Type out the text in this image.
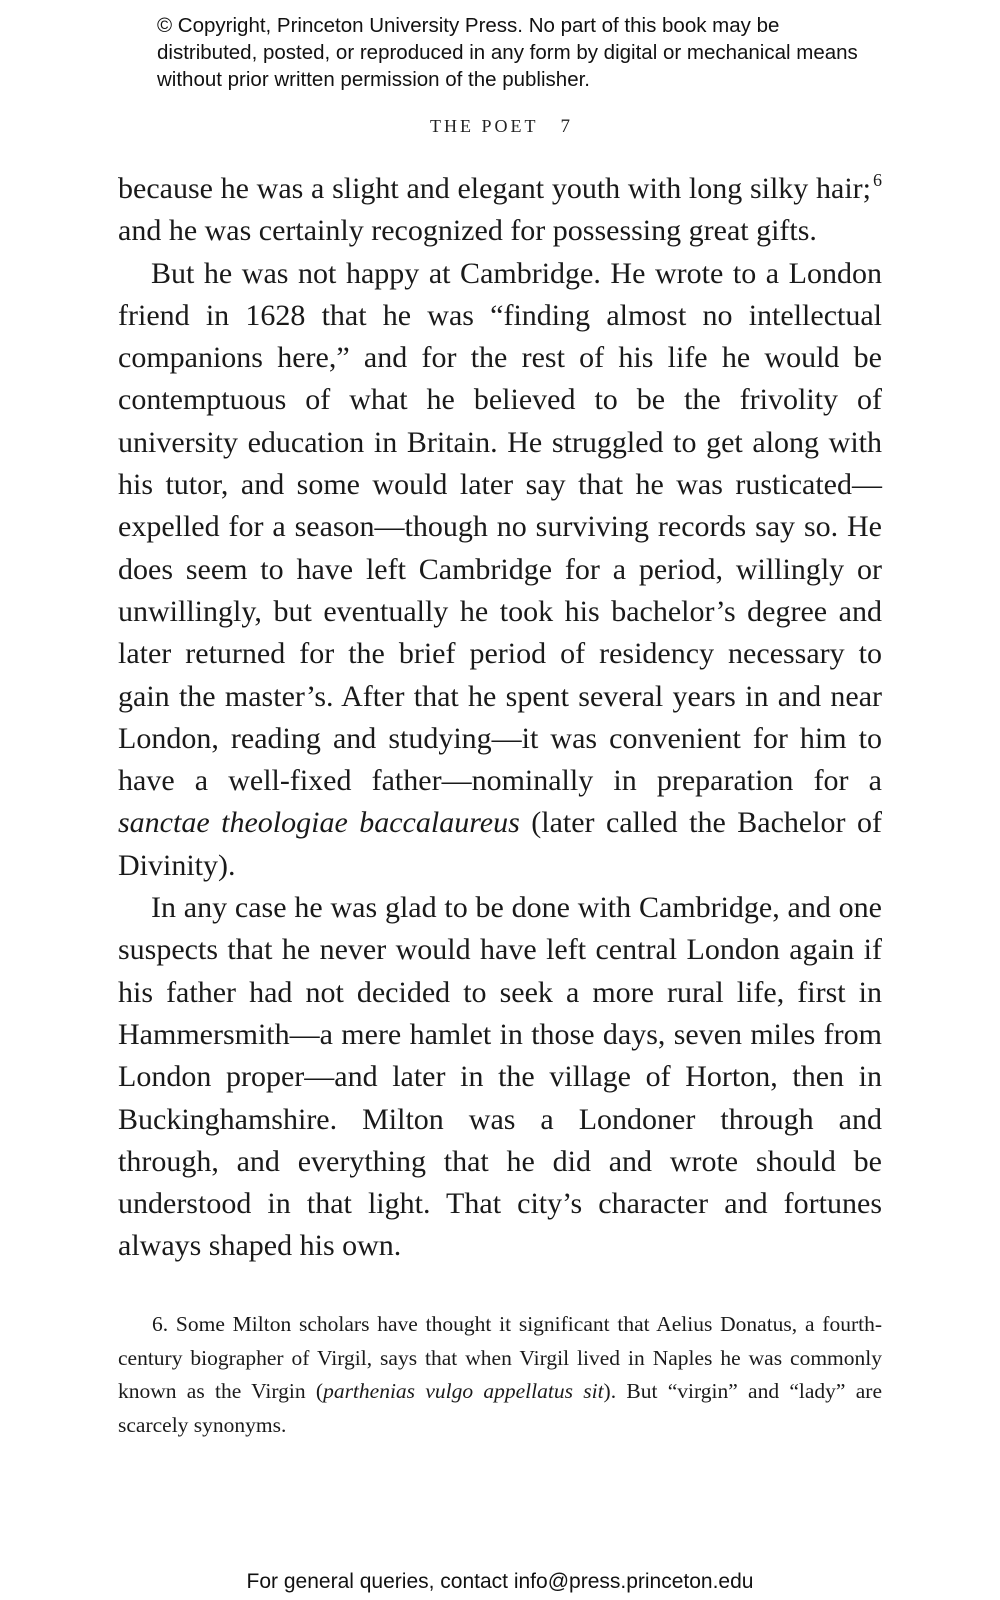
© Copyright, Princeton University Press. No part of this book may be distributed, posted, or reproduced in any form by digital or mechanical means without prior written permission of the publisher.
THE POET 7

because he was a slight and elegant youth with long silky hair; $^6$ and he was certainly recognized for possessing great gifts.

But he was not happy at Cambridge. He wrote to a London friend in 1628 that he was “finding almost no intellectual companions here,” and for the rest of his life he would be contemptuous of what he believed to be the frivolity of university education in Britain. He struggled to get along with his tutor, and some would later say that he was rusticated—expelled for a season—though no surviving records say so. He does seem to have left Cambridge for a period, willingly or unwillingly, but eventually he took his bachelor’s degree and later returned for the brief period of residency necessary to gain the master’s. After that he spent several years in and near London, reading and studying—it was convenient for him to have a well-fixed father—nominally in preparation for a sanctae theologiae baccalaureus (later called the Bachelor of Divinity).

In any case he was glad to be done with Cambridge, and one suspects that he never would have left central London again if his father had not decided to seek a more rural life, first in Hammersmith—a mere hamlet in those days, seven miles from London proper—and later in the village of Horton, then in Buckinghamshire. Milton was a Londoner through and through, and everything that he did and wrote should be understood in that light. That city’s character and fortunes always shaped his own.

6. Some Milton scholars have thought it significant that Aelius Donatus, a fourth-century biographer of Virgil, says that when Virgil lived in Naples he was commonly known as the Virgin (parthenias vulgo appellatus sit). But “virgin” and “lady” are scarcely synonyms.
For general queries, contact info@press.princeton.edu
